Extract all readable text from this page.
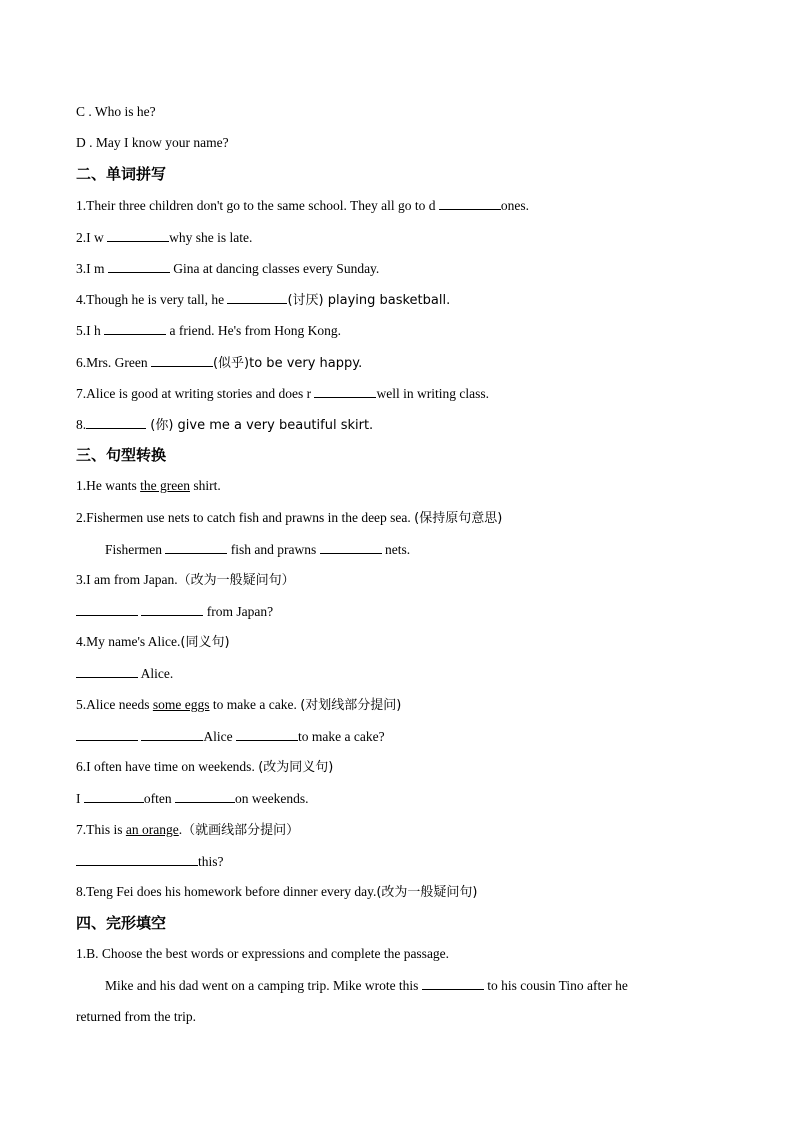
C . Who is he?
D . May I know your name?
二、单词拼写
1.Their three children don't go to the same school. They all go to d	ones.
2.I w	why she is late.
3.I m	Gina at dancing classes every Sunday.
4.Though he is very tall, he	(讨厌) playing basketball.
5.I h	a friend. He's from Hong Kong.
6.Mrs. Green	(似乎)to be very happy.
7.Alice is good at writing stories and does r	well in writing class.
8.	(你) give me a very beautiful skirt.
三、句型转换
1.He wants the green shirt.
2.Fishermen use nets to catch fish and prawns in the deep sea. (保持原句意思)
Fishermen	fish and prawns	nets.
3.I am from Japan.（改为一般疑问句）
from Japan?
4.My name's Alice.(同义句)
Alice.
5.Alice needs some eggs to make a cake. (对划线部分提问)
Alice	to make a cake?
6.I often have time on weekends. (改为同义句)
I	often	on weekends.
7.This is an orange.（就画线部分提问）
this?
8.Teng Fei does his homework before dinner every day.(改为一般疑问句)
四、完形填空
1.B. Choose the best words or expressions and complete the passage.
Mike and his dad went on a camping trip. Mike wrote this	to his cousin Tino after he
returned from the trip.
